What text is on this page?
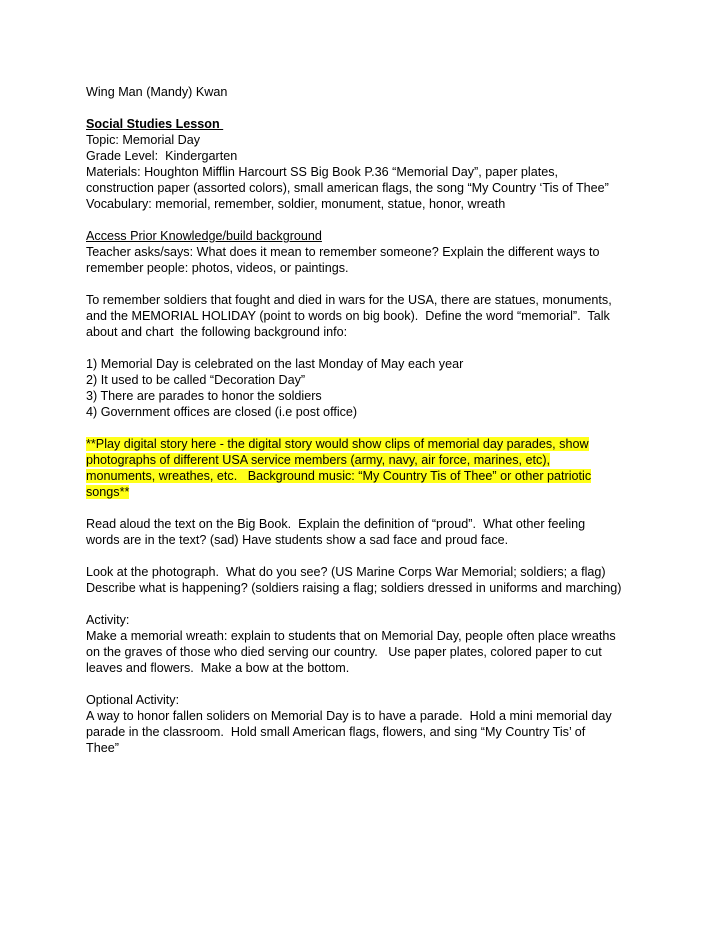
Wing Man (Mandy) Kwan
Social Studies Lesson
Topic: Memorial Day
Grade Level:  Kindergarten
Materials: Houghton Mifflin Harcourt SS Big Book P.36 “Memorial Day”, paper plates,
construction paper (assorted colors), small american flags, the song “My Country ‘Tis of Thee”
Vocabulary: memorial, remember, soldier, monument, statue, honor, wreath
Access Prior Knowledge/build background
Teacher asks/says: What does it mean to remember someone? Explain the different ways to
remember people: photos, videos, or paintings.
To remember soldiers that fought and died in wars for the USA, there are statues, monuments,
and the MEMORIAL HOLIDAY (point to words on big book).  Define the word “memorial”.  Talk
about and chart  the following background info:
1) Memorial Day is celebrated on the last Monday of May each year
2) It used to be called “Decoration Day”
3) There are parades to honor the soldiers
4) Government offices are closed (i.e post office)
**Play digital story here - the digital story would show clips of memorial day parades, show
photographs of different USA service members (army, navy, air force, marines, etc),
monuments, wreathes, etc.   Background music: “My Country Tis of Thee” or other patriotic
songs**
Read aloud the text on the Big Book.  Explain the definition of “proud”.  What other feeling
words are in the text? (sad) Have students show a sad face and proud face.
Look at the photograph.  What do you see? (US Marine Corps War Memorial; soldiers; a flag)
Describe what is happening? (soldiers raising a flag; soldiers dressed in uniforms and marching)
Activity:
Make a memorial wreath: explain to students that on Memorial Day, people often place wreaths
on the graves of those who died serving our country.   Use paper plates, colored paper to cut
leaves and flowers.  Make a bow at the bottom.
Optional Activity:
A way to honor fallen soliders on Memorial Day is to have a parade.  Hold a mini memorial day
parade in the classroom.  Hold small American flags, flowers, and sing “My Country Tis’ of
Thee”
